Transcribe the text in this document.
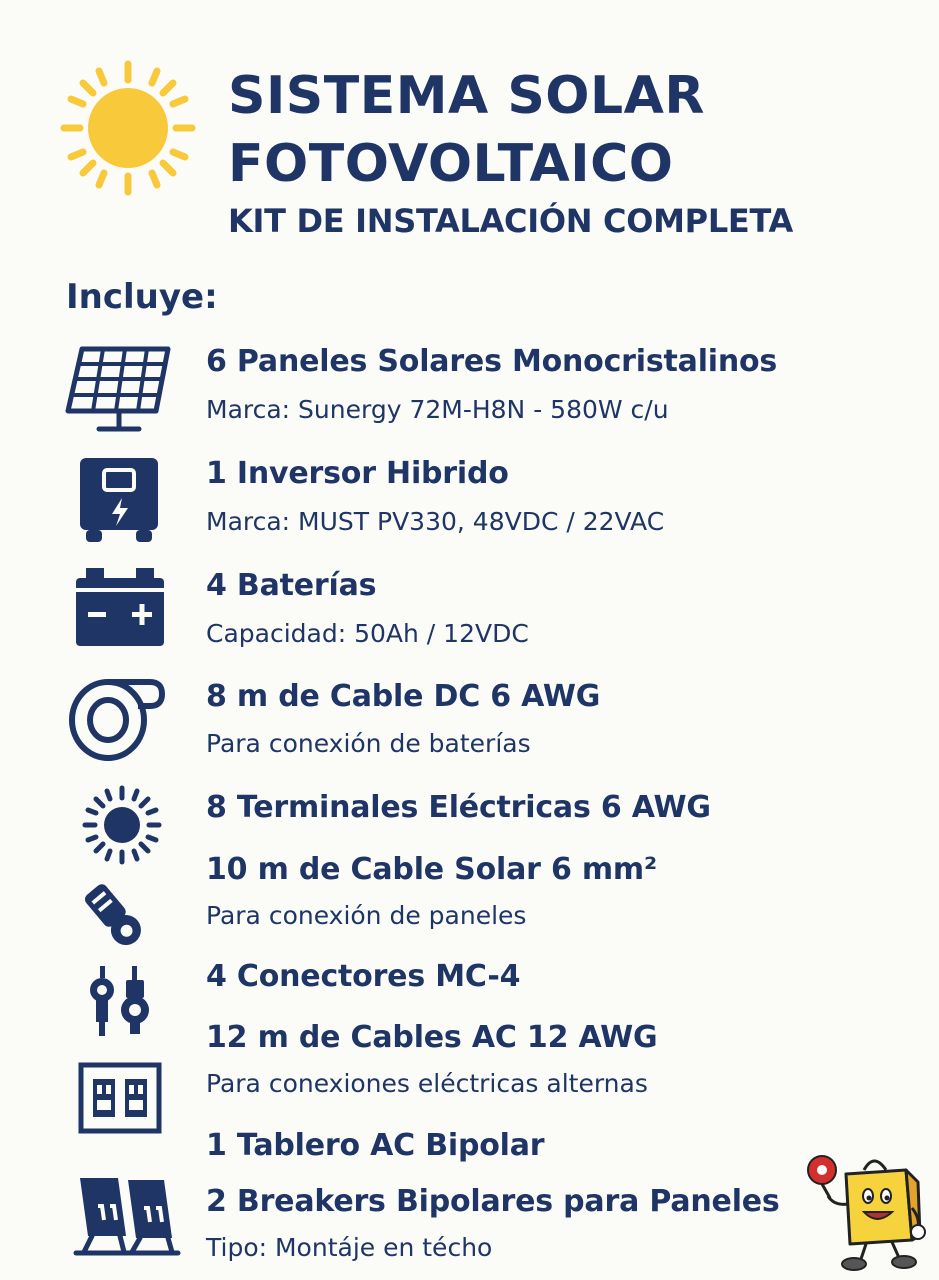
SISTEMA SOLAR
FOTOVOLTAICO
KIT DE INSTALACIÓN COMPLETA
Incluye:
6 Paneles Solares Monocristalinos
Marca: Sunergy 72M-H8N - 580W c/u
1 Inversor Hibrido
Marca: MUST PV330, 48VDC / 22VAC
4 Baterías
Capacidad: 50Ah / 12VDC
8 m de Cable DC 6 AWG
Para conexión de baterías
8 Terminales Eléctricas 6 AWG
10 m de Cable Solar 6 mm²
Para conexión de paneles
4 Conectores MC-4
12 m de Cables AC 12 AWG
Para conexiones eléctricas alternas
1 Tablero AC Bipolar
2 Breakers Bipolares para Paneles
Tipo: Montáje en téchо
